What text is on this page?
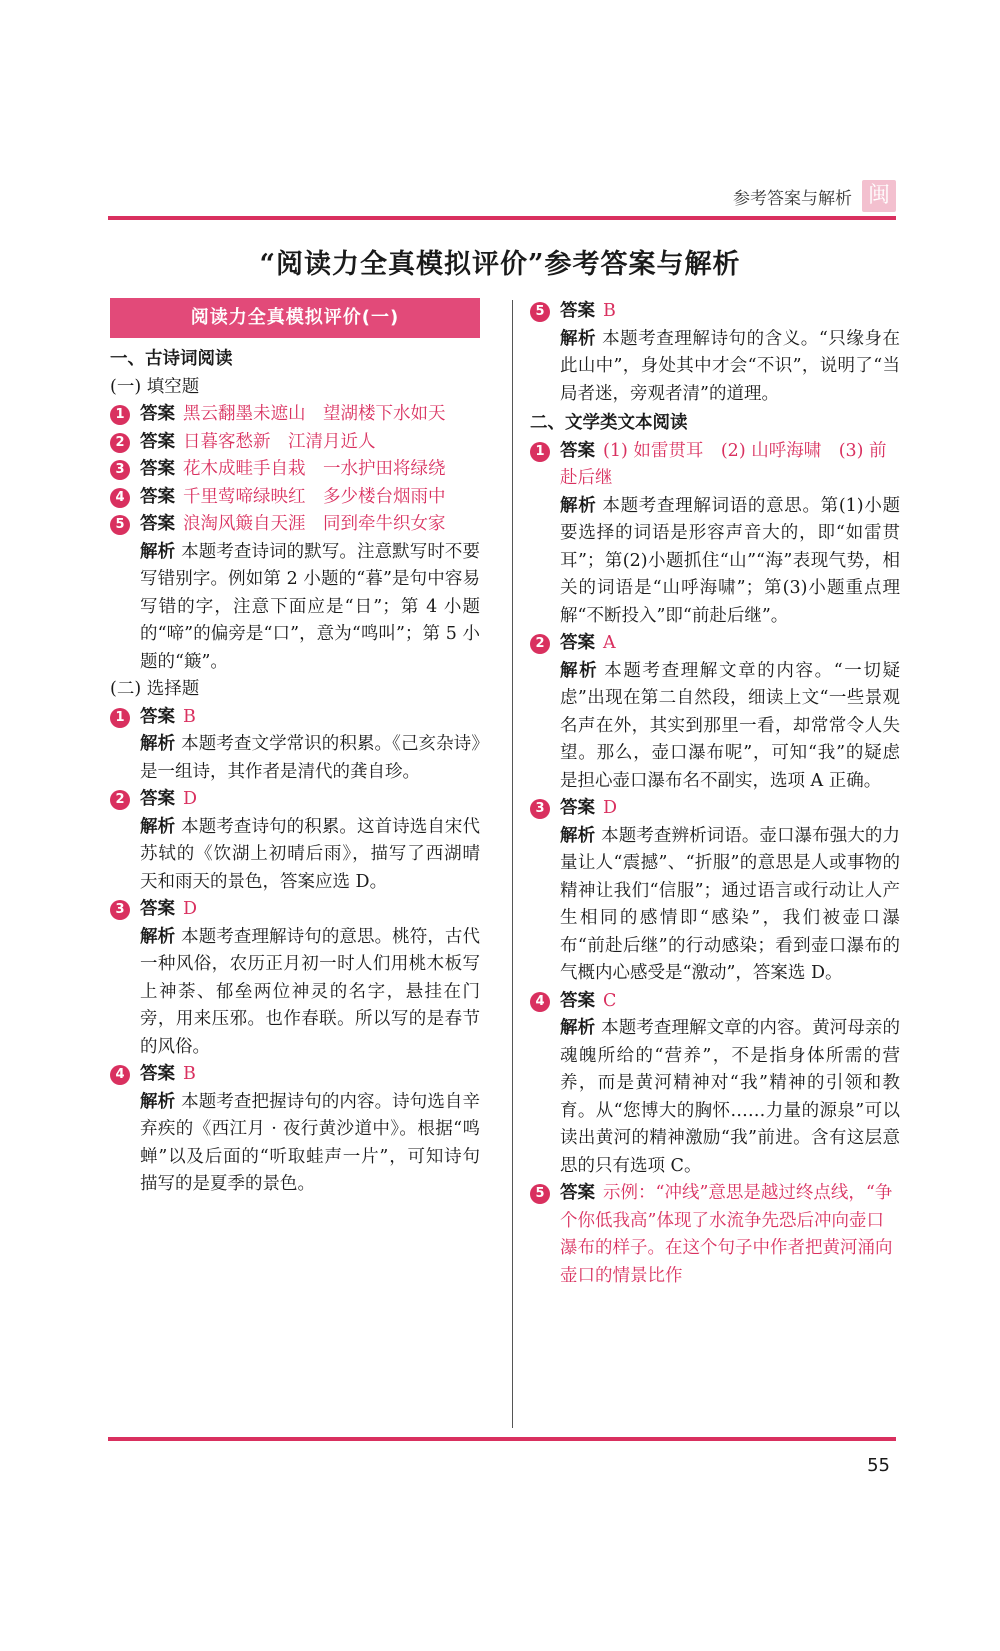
参考答案与解析 闽
“阅读力全真模拟评价”参考答案与解析
阅读力全真模拟评价(一)
一、古诗词阅读
(一) 填空题
1 答案 黑云翻墨未遮山　望湖楼下水如天
2 答案 日暮客愁新　江清月近人
3 答案 花木成畦手自栽　一水护田将绿绕
4 答案 千里莺啼绿映红　多少楼台烟雨中
5 答案 浪淘风簸自天涯　同到牵牛织女家
解析 本题考查诗词的默写。注意默写时不要写错别字。例如第 2 小题的“暮”是句中容易写错的字，注意下面应是“日”；第 4 小题的“啼”的偏旁是“口”，意为“鸣叫”；第 5 小题的“簸”。
(二) 选择题
1 答案 B
解析 本题考查文学常识的积累。《己亥杂诗》是一组诗，其作者是清代的龚自珍。
2 答案 D
解析 本题考查诗句的积累。这首诗选自宋代苏轼的《饮湖上初晴后雨》，描写了西湖晴天和雨天的景色，答案应选 D。
3 答案 D
解析 本题考查理解诗句的意思。桃符，古代一种风俗，农历正月初一时人们用桃木板写上神荼、郁垒两位神灵的名字，悬挂在门旁，用来压邪。也作春联。所以写的是春节的风俗。
4 答案 B
解析 本题考查把握诗句的内容。诗句选自辛弃疾的《西江月 · 夜行黄沙道中》。根据“鸣蝉”以及后面的“听取蛙声一片”，可知诗句描写的是夏季的景色。
5 答案 B
解析 本题考查理解诗句的含义。“只缘身在此山中”，身处其中才会“不识”，说明了“当局者迷，旁观者清”的道理。
二、文学类文本阅读
1 答案 (1) 如雷贯耳　(2) 山呼海啸　(3) 前赴后继
解析 本题考查理解词语的意思。第(1)小题要选择的词语是形容声音大的，即“如雷贯耳”；第(2)小题抓住“山”“海”表现气势，相关的词语是“山呼海啸”；第(3)小题重点理解“不断投入”即“前赴后继”。
2 答案 A
解析 本题考查理解文章的内容。“一切疑虑”出现在第二自然段，细读上文“一些景观名声在外，其实到那里一看，却常常令人失望。那么，壶口瀑布呢”，可知“我”的疑虑是担心壶口瀑布名不副实，选项 A 正确。
3 答案 D
解析 本题考查辨析词语。壶口瀑布强大的力量让人“震撼”、“折服”的意思是人或事物的精神让我们“信服”；通过语言或行动让人产生相同的感情即“感染”，我们被壶口瀑布“前赴后继”的行动感染；看到壶口瀑布的气概内心感受是“激动”，答案选 D。
4 答案 C
解析 本题考查理解文章的内容。黄河母亲的魂魄所给的“营养”，不是指身体所需的营养，而是黄河精神对“我”精神的引领和教育。从“您博大的胸怀……力量的源泉”可以读出黄河的精神激励“我”前进。含有这层意思的只有选项 C。
5 答案 示例：“冲线”意思是越过终点线，“争个你低我高”体现了水流争先恐后冲向壶口瀑布的样子。在这个句子中作者把黄河涌向壶口的情景比作
55
